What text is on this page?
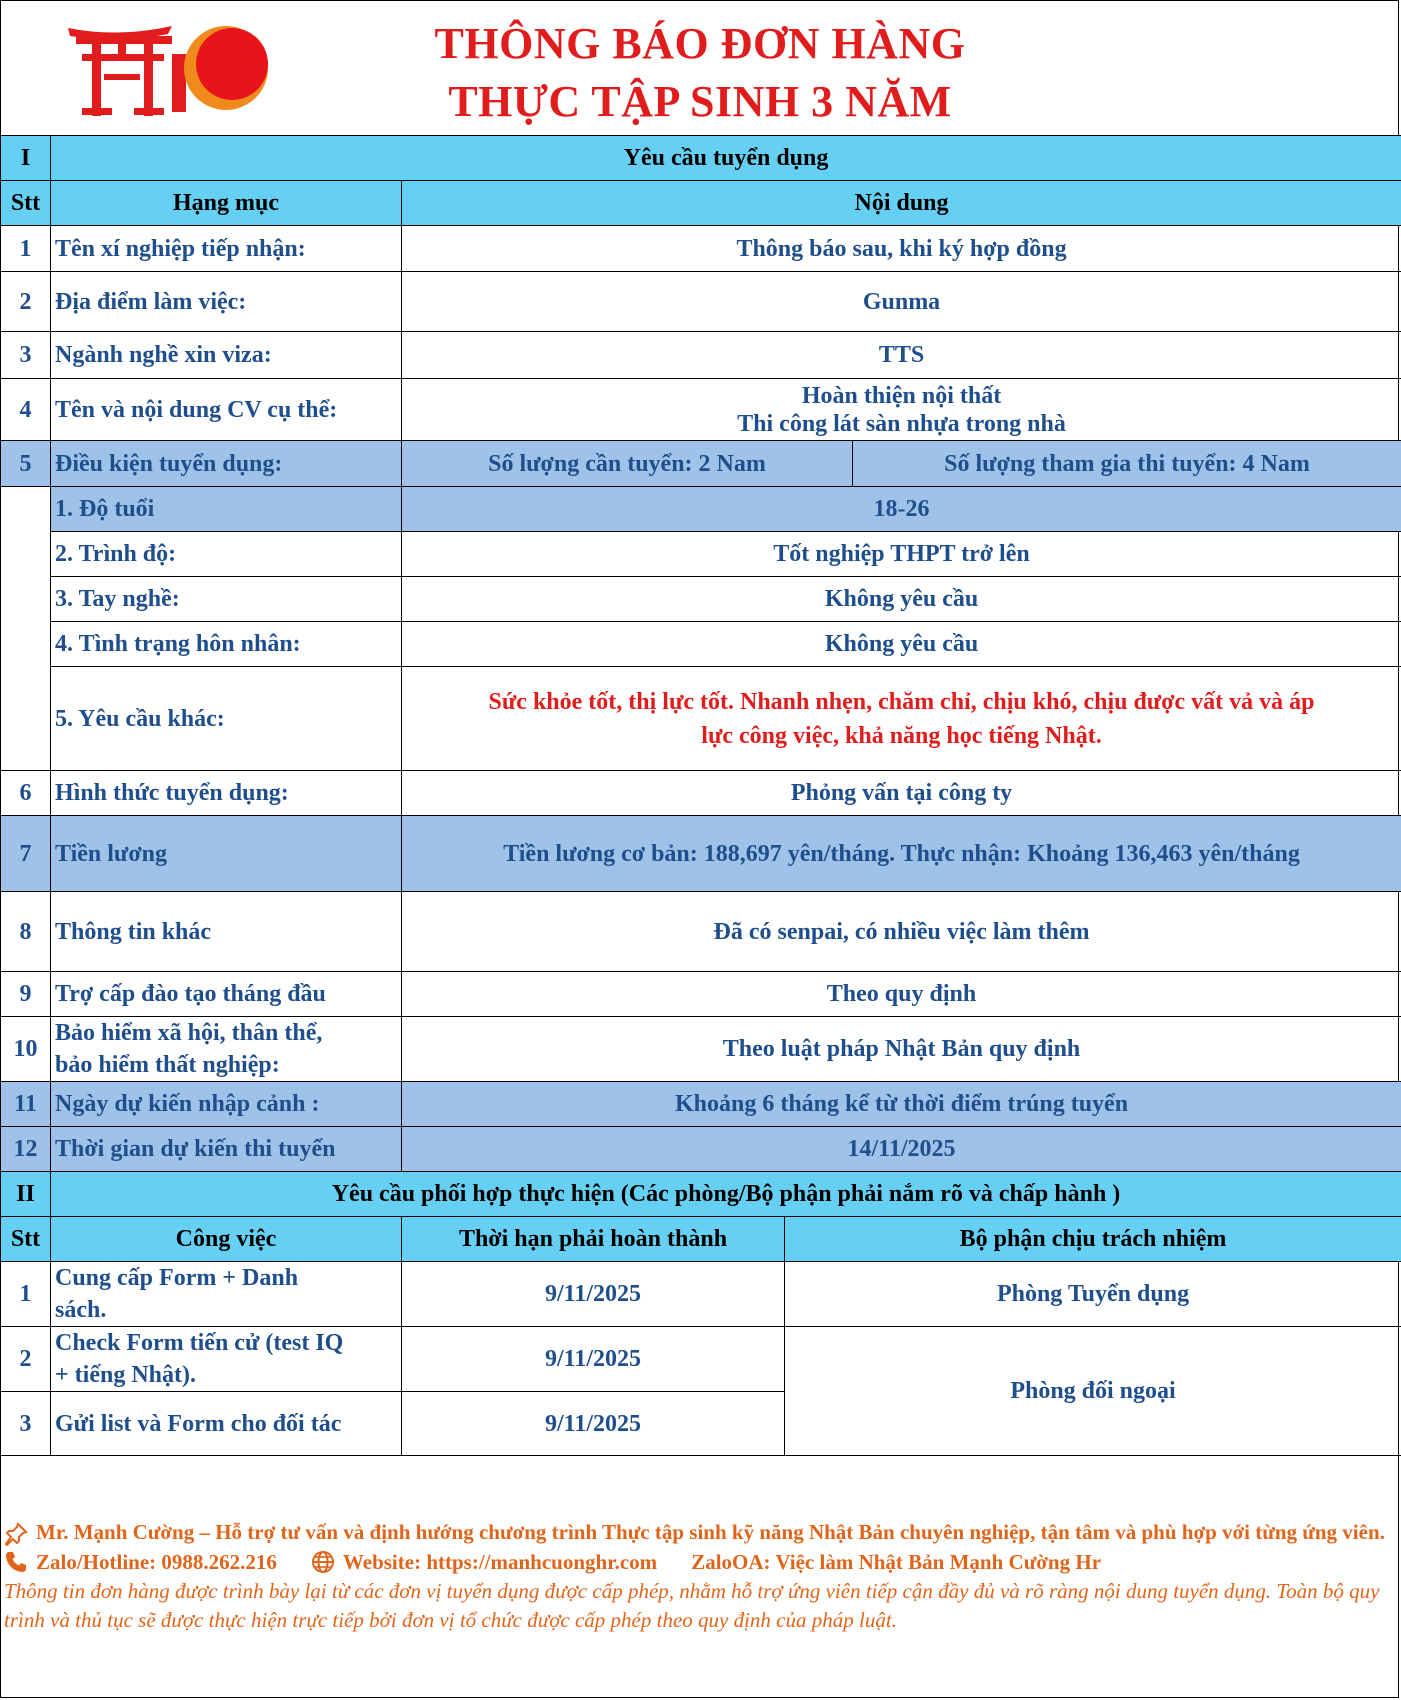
THÔNG BÁO ĐƠN HÀNG
THỰC TẬP SINH 3 NĂM
I	Yêu cầu tuyển dụng			
Stt	Hạng mục	Nội dung		
1	Tên xí nghiệp tiếp nhận:	Thông báo sau, khi ký hợp đồng		
2	Địa điểm làm việc:	Gunma		
3	Ngành nghề xin viza:	TTS		
4	Tên và nội dung CV cụ thể:	Hoàn thiện nội thất
Thi công lát sàn nhựa trong nhà		

5	Điều kiện tuyển dụng:	Số lượng cần tuyển: 2 Nam		Số lượng tham gia thi tuyển: 4 Nam
	1. Độ tuổi	18-26		
	2. Trình độ:	Tốt nghiệp THPT trở lên		
	3. Tay nghề:	Không yêu cầu		
	4. Tình trạng hôn nhân:	Không yêu cầu		
	5. Yêu cầu khác:	Sức khỏe tốt, thị lực tốt. Nhanh nhẹn, chăm chỉ, chịu khó, chịu được vất vả và áp
lực công việc, khả năng học tiếng Nhật.		

6	Hình thức tuyển dụng:	Phỏng vấn tại công ty		
7	Tiền lương	Tiền lương cơ bản: 188,697 yên/tháng. Thực nhận: Khoảng 136,463 yên/tháng		
8	Thông tin khác	Đã có senpai, có nhiều việc làm thêm		
9	Trợ cấp đào tạo tháng đầu	Theo quy định		
10	Bảo hiểm xã hội, thân thể,
bảo hiểm thất nghiệp:	Theo luật pháp Nhật Bản quy định		
11	Ngày dự kiến nhập cảnh :	Khoảng 6 tháng kể từ thời điểm trúng tuyển		
12	Thời gian dự kiến thi tuyển	14/11/2025		
II	Yêu cầu phối hợp thực hiện (Các phòng/Bộ phận phải nắm rõ và chấp hành )			
Stt	Công việc	Thời hạn phải hoàn thành	Bộ phận chịu trách nhiệm	
1	Cung cấp Form + Danh
sách.	9/11/2025	Phòng Tuyển dụng	
2	Check Form tiến cử (test IQ
+ tiếng Nhật).	9/11/2025	Phòng đối ngoại	
3	Gửi list và Form cho đối tác	9/11/2025		
Mr. Mạnh Cường – Hỗ trợ tư vấn và định hướng chương trình Thực tập sinh kỹ năng Nhật Bản chuyên nghiệp, tận tâm và phù hợp với từng ứng viên.
Zalo/Hotline: 0988.262.216	Website: https://manhcuonghr.com ZaloOA: Việc làm Nhật Bản Mạnh Cường Hr
Thông tin đơn hàng được trình bày lại từ các đơn vị tuyển dụng được cấp phép, nhằm hỗ trợ ứng viên tiếp cận đầy đủ và rõ ràng nội dung tuyển dụng. Toàn bộ quy trình và thủ tục sẽ được thực hiện trực tiếp bởi đơn vị tổ chức được cấp phép theo quy định của pháp luật.
